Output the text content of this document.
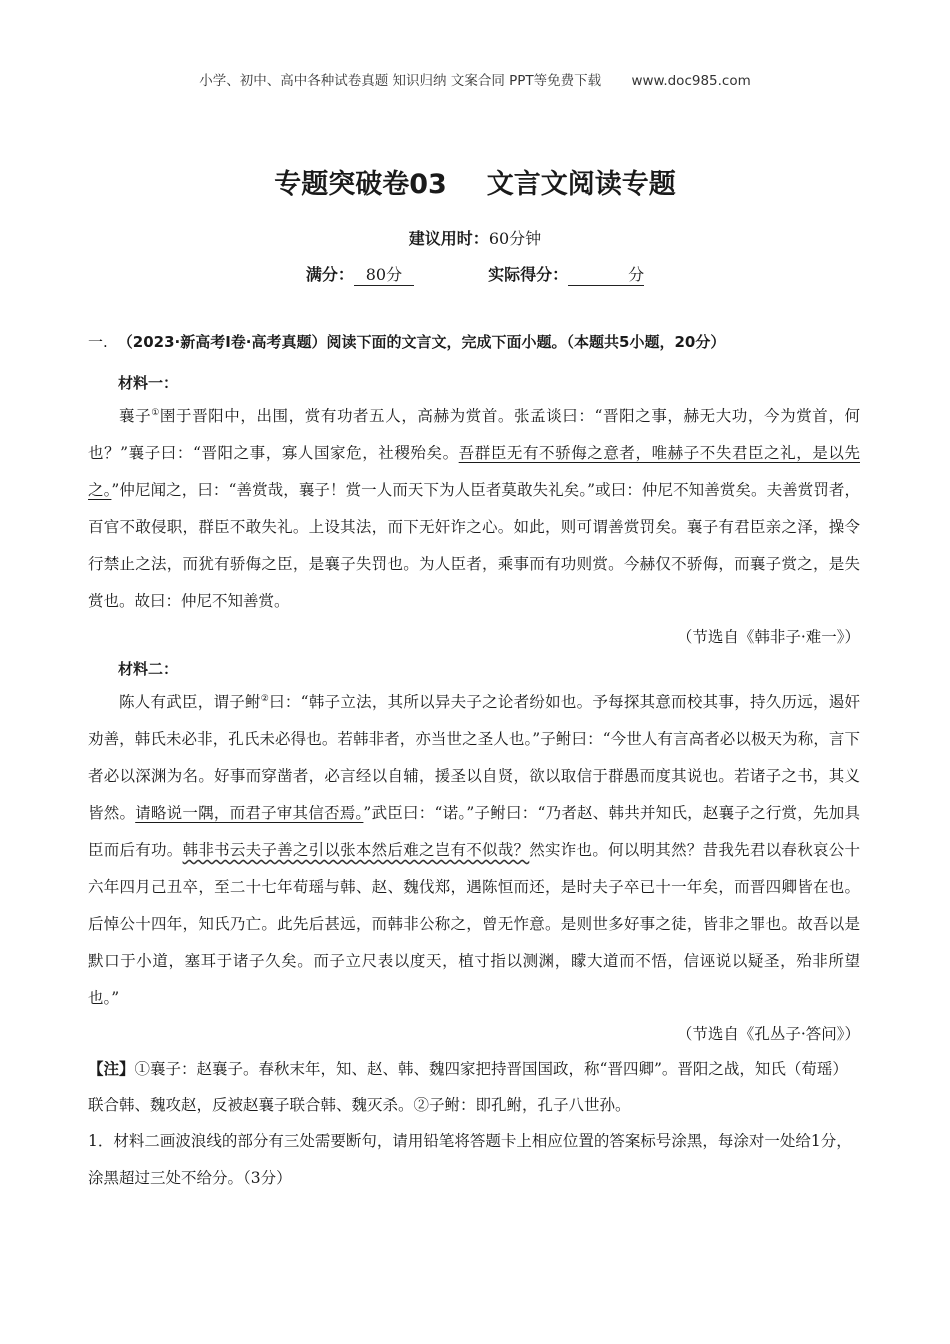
小学、初中、高中各种试卷真题 知识归纳 文案合同 PPT等免费下载 www.doc985.com
专题突破卷03 文言文阅读专题
建议用时：60分钟
满分： 80分	实际得分：	分
一. （2023·新高考Ⅰ卷·高考真题）阅读下面的文言文，完成下面小题。（本题共5小题，20分）

材料一：

襄子①圉于晋阳中，出围，赏有功者五人，高赫为赏首。张孟谈曰：“晋阳之事，赫无大功，今为赏首，何也？”襄子曰：“晋阳之事，寡人国家危，社稷殆矣。吾群臣无有不骄侮之意者，唯赫子不失君臣之礼，是以先之。”仲尼闻之，曰：“善赏哉，襄子！赏一人而天下为人臣者莫敢失礼矣。”或曰：仲尼不知善赏矣。夫善赏罚者，百官不敢侵职，群臣不敢失礼。上设其法，而下无奸诈之心。如此，则可谓善赏罚矣。襄子有君臣亲之泽，操令行禁止之法，而犹有骄侮之臣，是襄子失罚也。为人臣者，乘事而有功则赏。今赫仅不骄侮，而襄子赏之，是失赏也。故曰：仲尼不知善赏。

（节选自《韩非子·难一》）

材料二：

陈人有武臣，谓子鲋②曰：“韩子立法，其所以异夫子之论者纷如也。予每探其意而校其事，持久历远，遏奸劝善，韩氏未必非，孔氏未必得也。若韩非者，亦当世之圣人也。”子鲋曰：“今世人有言高者必以极天为称，言下者必以深渊为名。好事而穿凿者，必言经以自辅，援圣以自贤，欲以取信于群愚而度其说也。若诸子之书，其义皆然。请略说一隅，而君子审其信否焉。”武臣曰：“诺。”子鲋曰：“乃者赵、韩共并知氏，赵襄子之行赏，先加具臣而后有功。韩非书云夫子善之引以张本然后难之岂有不似哉？然实诈也。何以明其然？昔我先君以春秋哀公十六年四月己丑卒，至二十七年荀瑶与韩、赵、魏伐郑，遇陈恒而还，是时夫子卒已十一年矣，而晋四卿皆在也。后悼公十四年，知氏乃亡。此先后甚远，而韩非公称之，曾无怍意。是则世多好事之徒，皆非之罪也。故吾以是默口于小道，塞耳于诸子久矣。而子立尺表以度天，植寸指以测渊，矇大道而不悟，信诬说以疑圣，殆非所望也。”

（节选自《孔丛子·答问》）

【注】①襄子：赵襄子。春秋末年，知、赵、韩、魏四家把持晋国国政，称“晋四卿”。晋阳之战，知氏（荀瑶）联合韩、魏攻赵，反被赵襄子联合韩、魏灭杀。②子鲋：即孔鲋，孔子八世孙。

1．材料二画波浪线的部分有三处需要断句，请用铅笔将答题卡上相应位置的答案标号涂黑，每涂对一处给1分，涂黑超过三处不给分。（3分）
